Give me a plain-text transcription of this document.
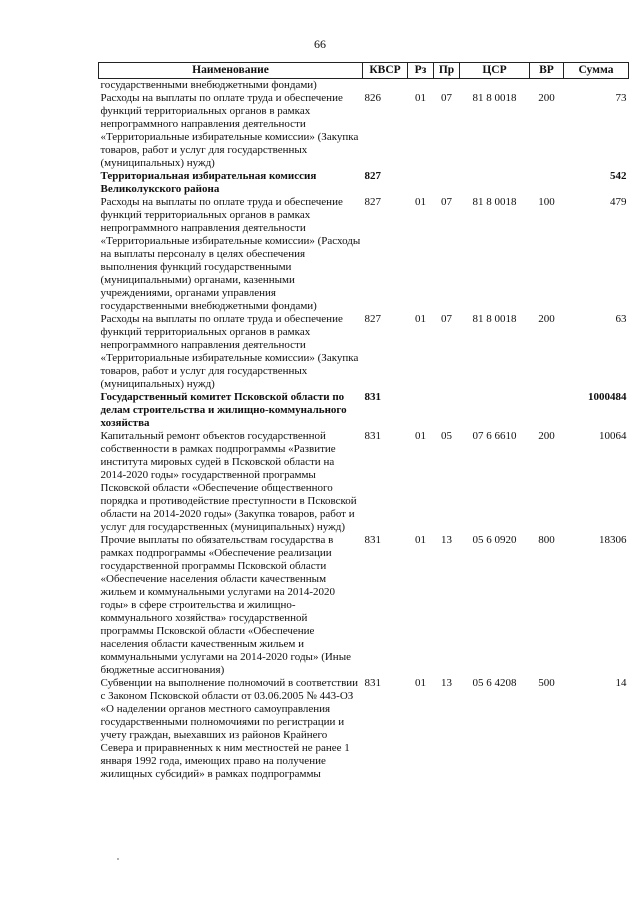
66
Наименование	КВСР	Рз	Пр	ЦСР	ВР	Сумма
государственными внебюджетными фондами)						
Расходы на выплаты по оплате труда и обеспечение функций территориальных органов в рамках непрограммного направления деятельности «Территориальные избирательные комиссии» (Закупка товаров, работ и услуг для государственных (муниципальных) нужд)	826	01	07	81 8 0018	200	73
Территориальная избирательная комиссия Великолукского района	827					542
Расходы на выплаты по оплате труда и обеспечение функций территориальных органов в рамках непрограммного направления деятельности «Территориальные избирательные комиссии» (Расходы на выплаты персоналу в целях обеспечения выполнения функций государственными (муниципальными) органами, казенными учреждениями, органами управления государственными внебюджетными фондами)	827	01	07	81 8 0018	100	479
Расходы на выплаты по оплате труда и обеспечение функций территориальных органов в рамках непрограммного направления деятельности «Территориальные избирательные комиссии» (Закупка товаров, работ и услуг для государственных (муниципальных) нужд)	827	01	07	81 8 0018	200	63
Государственный комитет Псковской области по делам строительства и жилищно-коммунального хозяйства	831					1000484
Капитальный ремонт объектов государственной собственности в рамках подпрограммы «Развитие института мировых судей в Псковской области на 2014-2020 годы» государственной программы Псковской области «Обеспечение общественного порядка и противодействие преступности в Псковской области на 2014-2020 годы» (Закупка товаров, работ и услуг для государственных (муниципальных) нужд)	831	01	05	07 6 6610	200	10064
Прочие выплаты по обязательствам государства в рамках подпрограммы «Обеспечение реализации государственной программы Псковской области «Обеспечение населения области качественным жильем и коммунальными услугами на 2014-2020 годы» в сфере строительства и жилищно-коммунального хозяйства» государственной программы Псковской области «Обеспечение населения области качественным жильем и коммунальными услугами на 2014-2020 годы» (Иные бюджетные ассигнования)	831	01	13	05 6 0920	800	18306
Субвенции на выполнение полномочий в соответствии с Законом Псковской области от 03.06.2005 № 443-ОЗ «О наделении органов местного самоуправления государственными полномочиями по регистрации и учету граждан, выехавших из районов Крайнего Севера и приравненных к ним местностей не ранее 1 января 1992 года, имеющих право на получение жилищных субсидий» в рамках подпрограммы	831	01	13	05 6 4208	500	14
